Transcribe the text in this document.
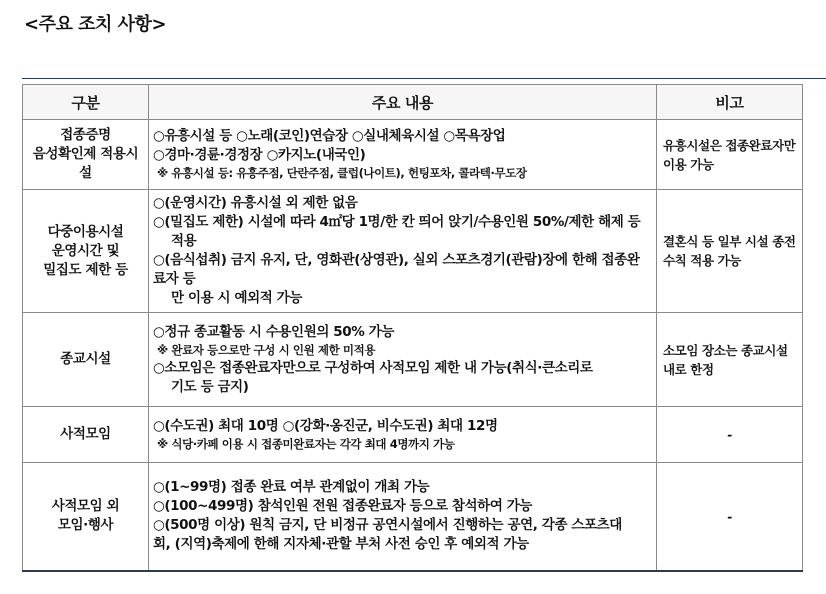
<주요 조치 사항>
구분	주요 내용	비고

접종증명
음성확인제 적용시
설	○유흥시설 등 ○노래(코인)연습장 ○실내체육시설 ○목욕장업
○경마·경륜·경정장 ○카지노(내국인)
※ 유흥시설 등: 유흥주점, 단란주점, 클럽(나이트), 헌팅포차, 콜라텍·무도장	유흥시설은 접종완료자만 이용 가능

다중이용시설
운영시간 및
밀집도 제한 등	○(운영시간) 유흥시설 외 제한 없음
○(밀집도 제한) 시설에 따라 4㎡당 1명/한 칸 띄어 앉기/수용인원 50%/제한 해제 등
적용
○(음식섭취) 금지 유지, 단, 영화관(상영관), 실외 스포츠경기(관람)장에 한해 접종완료자 등
만 이용 시 예외적 가능	결혼식 등 일부 시설 종전 수칙 적용 가능

종교시설	○정규 종교활동 시 수용인원의 50% 가능
※ 완료자 등으로만 구성 시 인원 제한 미적용
○소모임은 접종완료자만으로 구성하여 사적모임 제한 내 가능(취식·큰소리로
기도 등 금지)	소모임 장소는 종교시설 내로 한정

사적모임	○(수도권) 최대 10명 ○(강화·옹진군, 비수도권) 최대 12명
※ 식당·카페 이용 시 접종미완료자는 각각 최대 4명까지 가능	-

사적모임 외
모임·행사	○(1~99명) 접종 완료 여부 관계없이 개최 가능
○(100~499명) 참석인원 전원 접종완료자 등으로 참석하여 가능
○(500명 이상) 원칙 금지, 단 비정규 공연시설에서 진행하는 공연, 각종 스포츠대
회, (지역)축제에 한해 지자체·관할 부처 사전 승인 후 예외적 가능	-
